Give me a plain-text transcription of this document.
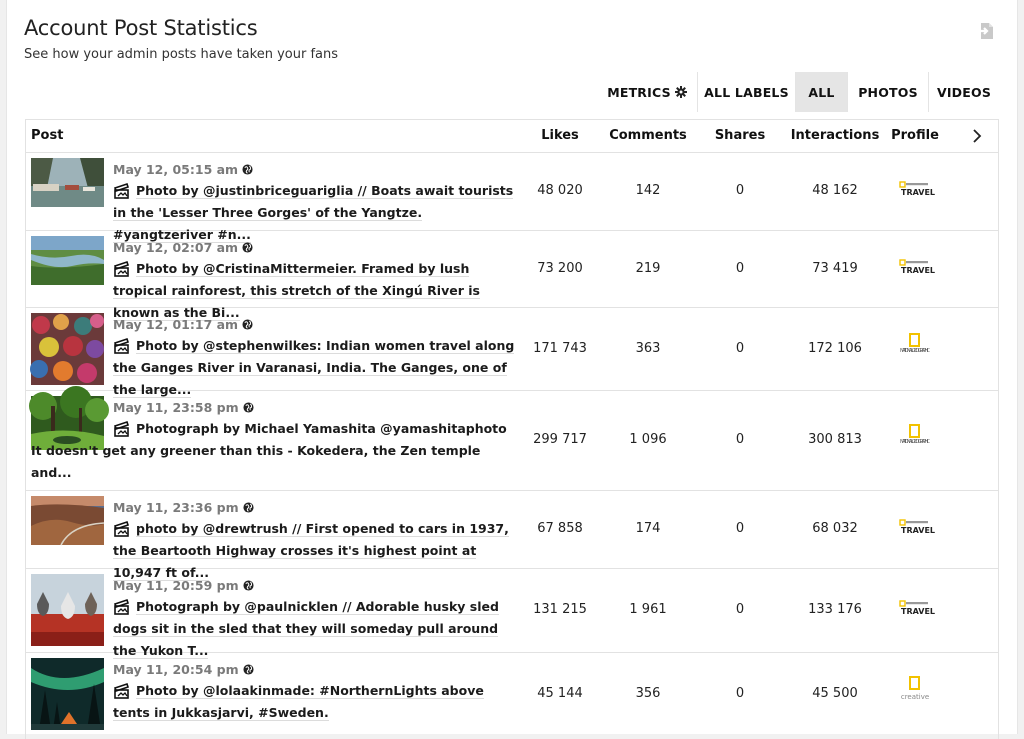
Account Post Statistics
See how your admin posts have taken your fans
METRICS	ALL LABELS	ALL	PHOTOS	VIDEOS
Post	Likes Comments Shares Interactions Profile
May 12, 05:15 am
Photo by @justinbriceguariglia // Boats await tourists in the 'Lesser Three Gorges' of the Yangtze. #yangtzeriver #n...
48 020	142	0	48 162	TRAVEL
May 12, 02:07 am
Photo by @CristinaMittermeier. Framed by lush tropical rainforest, this stretch of the Xingú River is known as the Bi...
73 200	219	0	73 419	TRAVEL
May 12, 01:17 am
Photo by @stephenwilkes: Indian women travel along the Ganges River in Varanasi, India. The Ganges, one of the large...
171 743	363	0	172 106	NATIONAL GEOGRAPHIC
May 11, 23:58 pm
Photograph by Michael Yamashita @yamashitaphoto It doesn't get any greener than this - Kokedera, the Zen temple and...
299 717	1 096	0	300 813	NATIONAL GEOGRAPHIC
May 11, 23:36 pm
photo by @drewtrush // First opened to cars in 1937, the Beartooth Highway crosses it's highest point at 10,947 ft of...
67 858	174	0	68 032	TRAVEL
May 11, 20:59 pm
Photograph by @paulnicklen // Adorable husky sled dogs sit in the sled that they will someday pull around the Yukon T...
131 215	1 961	0	133 176	TRAVEL
May 11, 20:54 pm
Photo by @lolaakinmade: #NorthernLights above tents in Jukkasjarvi, #Sweden.
45 144	356	0	45 500	creative
